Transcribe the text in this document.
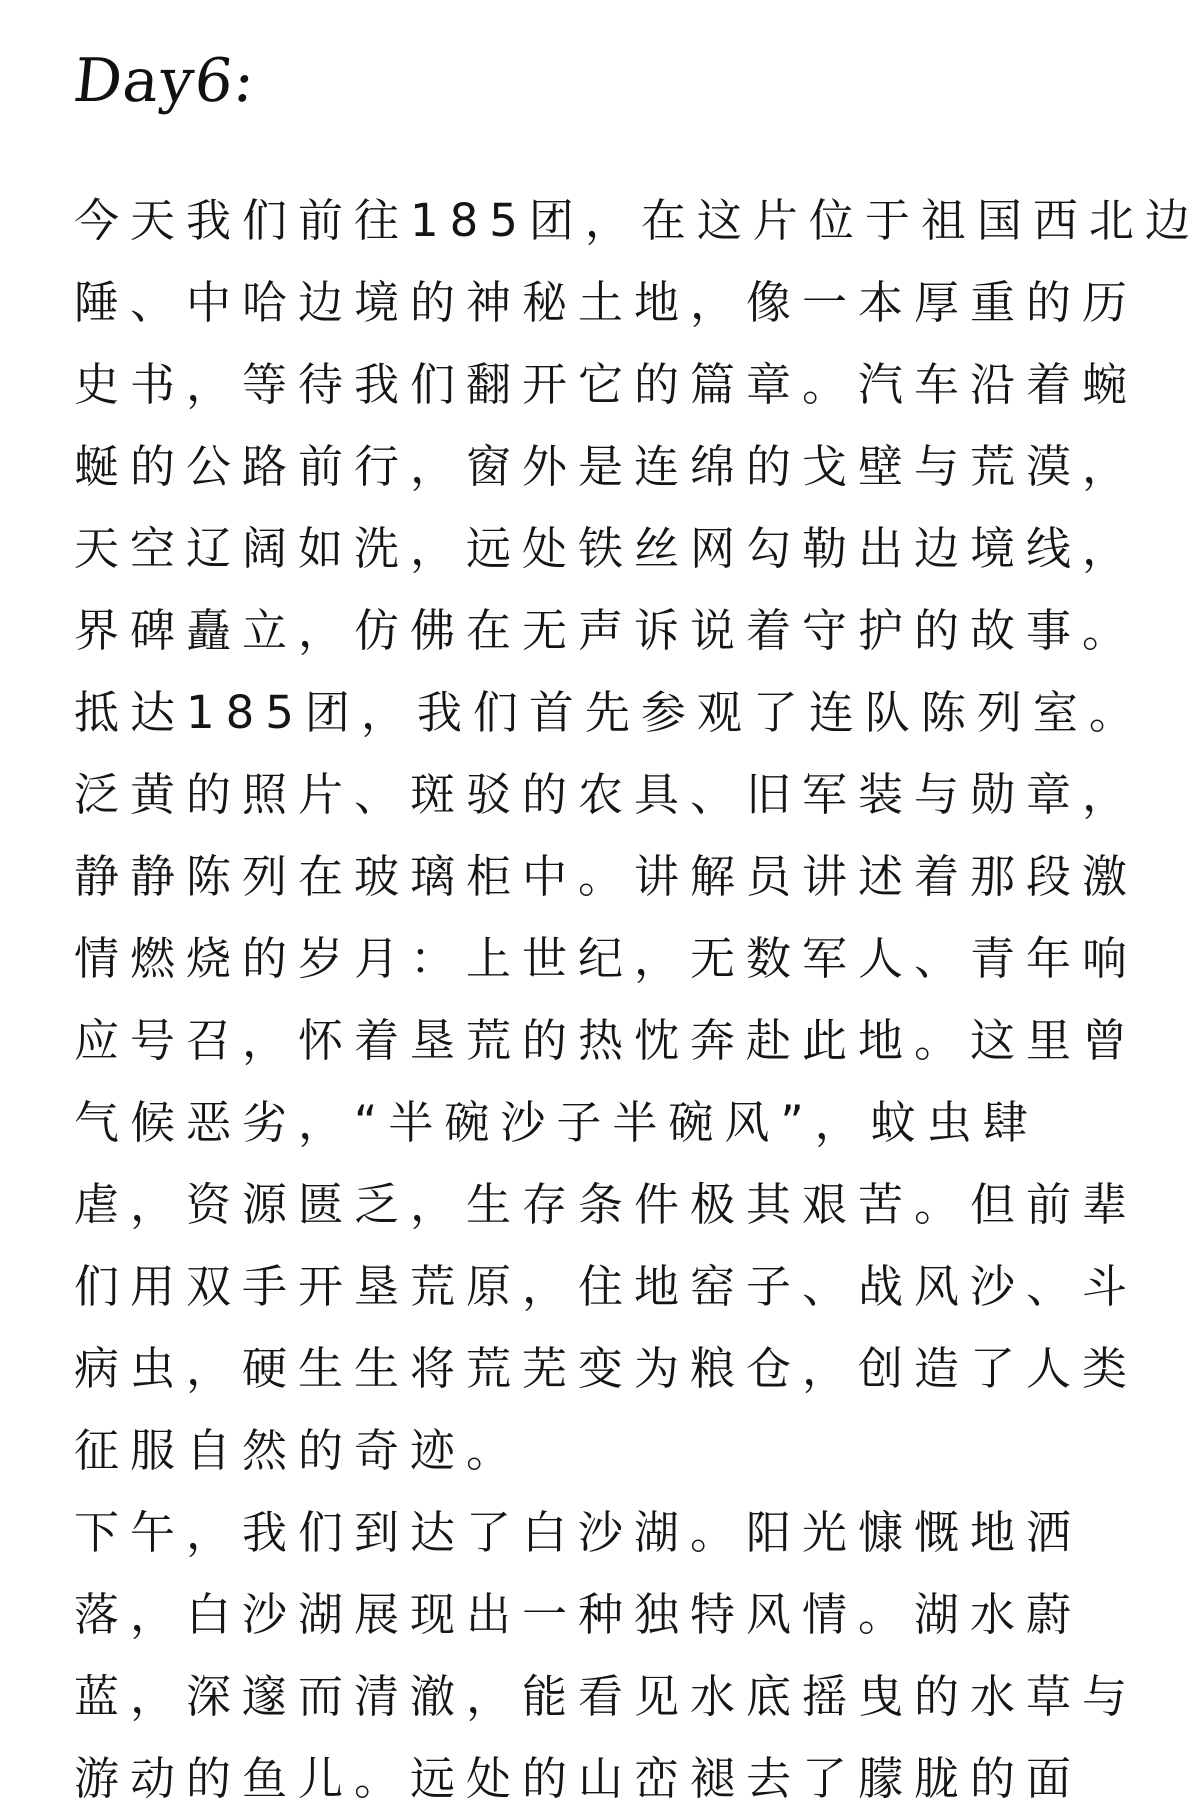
Day6:
今天我们前往185团，在这片位于祖国西北边
陲、中哈边境的神秘土地，像一本厚重的历
史书，等待我们翻开它的篇章。汽车沿着蜿
蜒的公路前行，窗外是连绵的戈壁与荒漠，
天空辽阔如洗，远处铁丝网勾勒出边境线，
界碑矗立，仿佛在无声诉说着守护的故事。
抵达185团，我们首先参观了连队陈列室。
泛黄的照片、斑驳的农具、旧军装与勋章，
静静陈列在玻璃柜中。讲解员讲述着那段激
情燃烧的岁月：上世纪，无数军人、青年响
应号召，怀着垦荒的热忱奔赴此地。这里曾
气候恶劣，“半碗沙子半碗风”，蚊虫肆
虐，资源匮乏，生存条件极其艰苦。但前辈
们用双手开垦荒原，住地窑子、战风沙、斗
病虫，硬生生将荒芜变为粮仓，创造了人类
征服自然的奇迹。
下午，我们到达了白沙湖。阳光慷慨地洒
落，白沙湖展现出一种独特风情。湖水蔚
蓝，深邃而清澈，能看见水底摇曳的水草与
游动的鱼儿。远处的山峦褪去了朦胧的面
